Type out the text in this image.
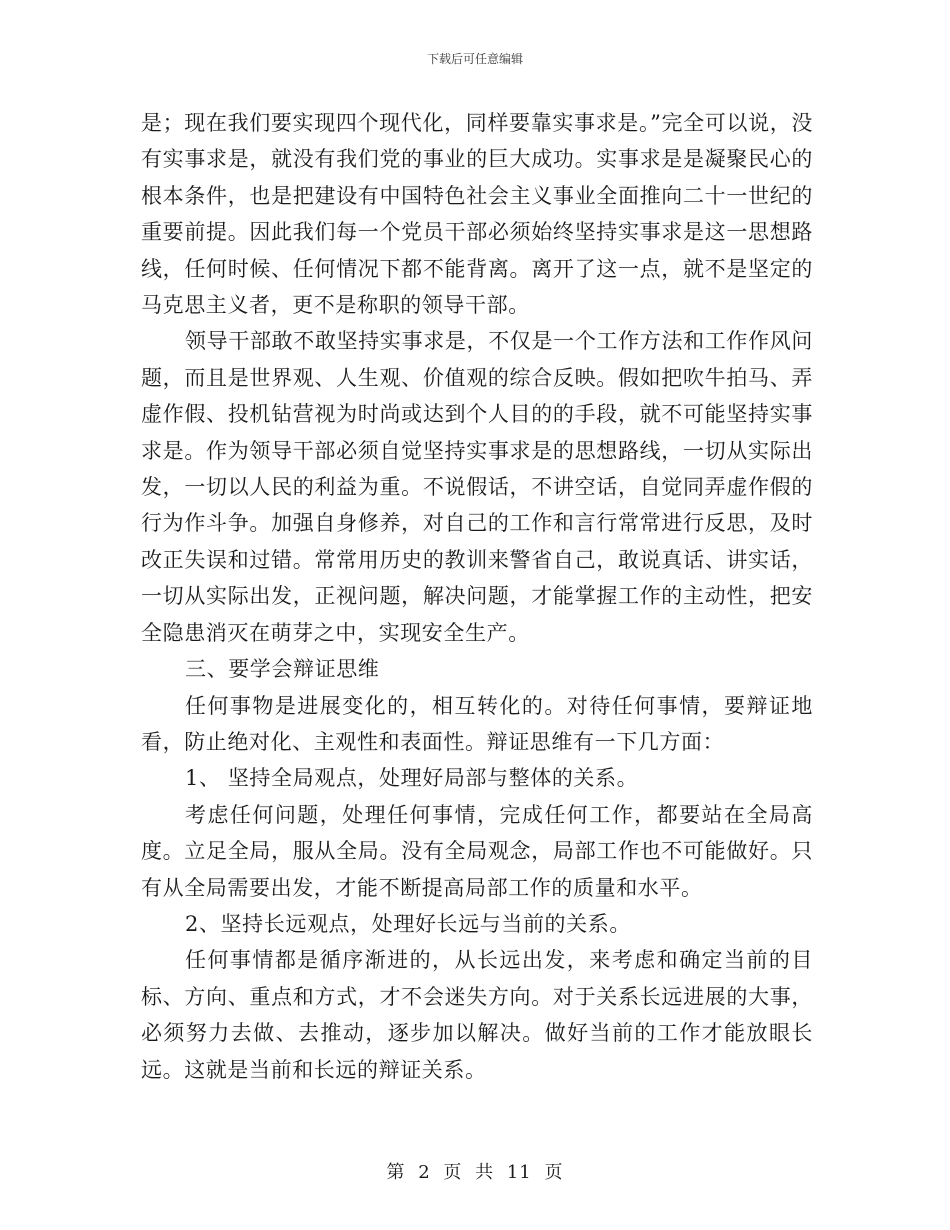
下载后可任意编辑

是；现在我们要实现四个现代化，同样要靠实事求是。”完全可以说，没有实事求是，就没有我们党的事业的巨大成功。实事求是是凝聚民心的根本条件，也是把建设有中国特色社会主义事业全面推向二十一世纪的重要前提。因此我们每一个党员干部必须始终坚持实事求是这一思想路线，任何时候、任何情况下都不能背离。离开了这一点，就不是坚定的马克思主义者，更不是称职的领导干部。

领导干部敢不敢坚持实事求是，不仅是一个工作方法和工作作风问题，而且是世界观、人生观、价值观的综合反映。假如把吹牛拍马、弄虚作假、投机钻营视为时尚或达到个人目的的手段，就不可能坚持实事求是。作为领导干部必须自觉坚持实事求是的思想路线，一切从实际出发，一切以人民的利益为重。不说假话，不讲空话，自觉同弄虚作假的行为作斗争。加强自身修养，对自己的工作和言行常常进行反思，及时改正失误和过错。常常用历史的教训来警省自己，敢说真话、讲实话，一切从实际出发，正视问题，解决问题，才能掌握工作的主动性，把安全隐患消灭在萌芽之中，实现安全生产。

三、要学会辩证思维

任何事物是进展变化的，相互转化的。对待任何事情，要辩证地看，防止绝对化、主观性和表面性。辩证思维有一下几方面：

1、 坚持全局观点，处理好局部与整体的关系。

考虑任何问题，处理任何事情，完成任何工作，都要站在全局高度。立足全局，服从全局。没有全局观念，局部工作也不可能做好。只有从全局需要出发，才能不断提高局部工作的质量和水平。

2、坚持长远观点，处理好长远与当前的关系。

任何事情都是循序渐进的，从长远出发，来考虑和确定当前的目标、方向、重点和方式，才不会迷失方向。对于关系长远进展的大事，必须努力去做、去推动，逐步加以解决。做好当前的工作才能放眼长远。这就是当前和长远的辩证关系。

第 2 页 共 11 页
